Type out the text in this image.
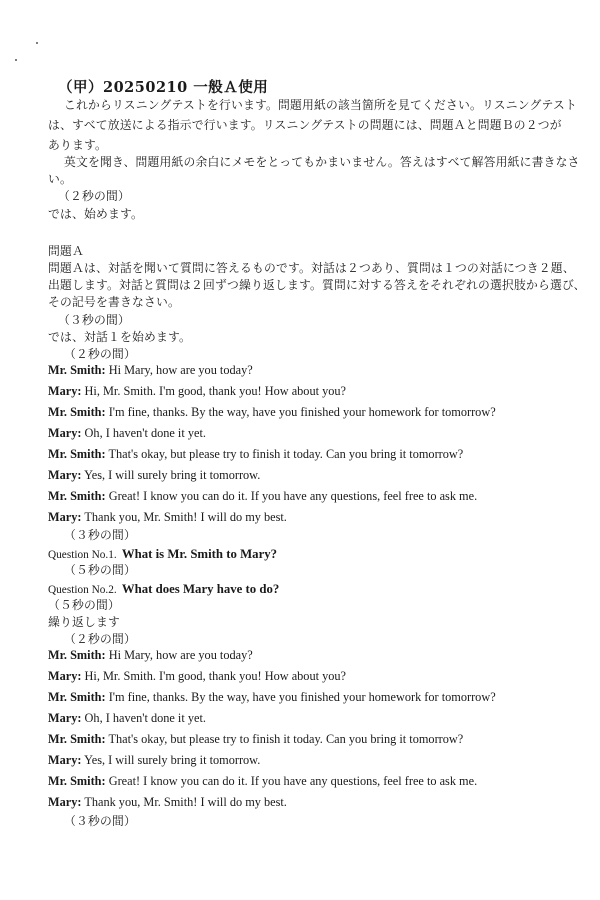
（甲）20250210 一般Ａ使用
これからリスニングテストを行います。問題用紙の該当箇所を見てください。リスニングテスト
は、すべて放送による指示で行います。リスニングテストの問題には、問題Ａと問題Ｂの２つが
あります。
英文を聞き、問題用紙の余白にメモをとってもかまいません。答えはすべて解答用紙に書きなさ
い。
（２秒の間）
では、始めます。
問題Ａ
問題Ａは、対話を聞いて質問に答えるものです。対話は２つあり、質問は１つの対話につき２題、
出題します。対話と質問は２回ずつ繰り返します。質問に対する答えをそれぞれの選択肢から選び、
その記号を書きなさい。
（３秒の間）
では、対話１を始めます。
（２秒の間）
Mr. Smith: Hi Mary, how are you today?
Mary: Hi, Mr. Smith. I'm good, thank you! How about you?
Mr. Smith: I'm fine, thanks. By the way, have you finished your homework for tomorrow?
Mary: Oh, I haven't done it yet.
Mr. Smith: That's okay, but please try to finish it today. Can you bring it tomorrow?
Mary: Yes, I will surely bring it tomorrow.
Mr. Smith: Great! I know you can do it. If you have any questions, feel free to ask me.
Mary: Thank you, Mr. Smith! I will do my best.
（３秒の間）
Question No.1. What is Mr. Smith to Mary?
（５秒の間）
Question No.2. What does Mary have to do?
（５秒の間）
繰り返します
（２秒の間）
Mr. Smith: Hi Mary, how are you today?
Mary: Hi, Mr. Smith. I'm good, thank you! How about you?
Mr. Smith: I'm fine, thanks. By the way, have you finished your homework for tomorrow?
Mary: Oh, I haven't done it yet.
Mr. Smith: That's okay, but please try to finish it today. Can you bring it tomorrow?
Mary: Yes, I will surely bring it tomorrow.
Mr. Smith: Great! I know you can do it. If you have any questions, feel free to ask me.
Mary: Thank you, Mr. Smith! I will do my best.
（３秒の間）
